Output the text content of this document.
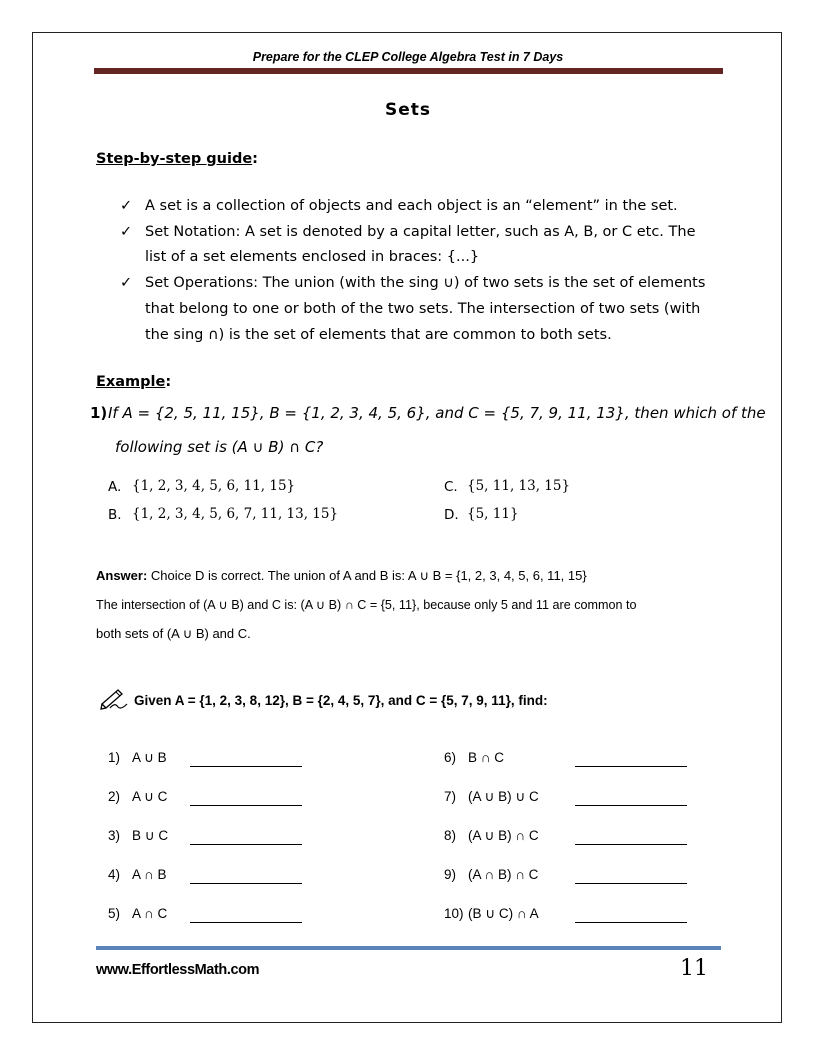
Prepare for the CLEP College Algebra Test in 7 Days
Sets
Step-by-step guide:
✓ A set is a collection of objects and each object is an “element” in the set.
✓ Set Notation: A set is denoted by a capital letter, such as A, B, or C etc. The
list of a set elements enclosed in braces: {...}
✓ Set Operations: The union (with the sing ∪) of two sets is the set of elements
that belong to one or both of the two sets. The intersection of two sets (with
the sing ∩) is the set of elements that are common to both sets.
Example:
1) If A = {2, 5, 11, 15}, B = {1, 2, 3, 4, 5, 6}, and C = {5, 7, 9, 11, 13}, then which of the
following set is (A ∪ B) ∩ C?
A. {1, 2, 3, 4, 5, 6, 11, 15}	C. {5, 11, 13, 15}
B. {1, 2, 3, 4, 5, 6, 7, 11, 13, 15}	D. {5, 11}
Answer: Choice D is correct. The union of A and B is: A ∪ B = {1, 2, 3, 4, 5, 6, 11, 15}
The intersection of (A ∪ B) and C is: (A ∪ B) ∩ C = {5, 11}, because only 5 and 11 are common to
both sets of (A ∪ B) and C.
Given A = {1, 2, 3, 8, 12}, B = {2, 4, 5, 7}, and C = {5, 7, 9, 11}, find:
1) A ∪ B
2) A ∪ C
3) B ∪ C
4) A ∩ B
5) A ∩ C
6) B ∩ C
7) (A ∪ B) ∪ C
8) (A ∪ B) ∩ C
9) (A ∩ B) ∩ C
10) (B ∪ C) ∩ A
www.EffortlessMath.com	11
